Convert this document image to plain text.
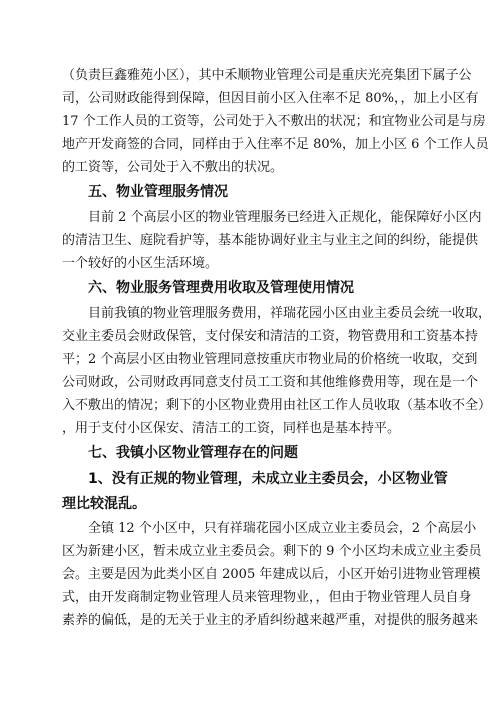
（负责巨鑫雅苑小区），其中禾顺物业管理公司是重庆光亮集团下属子公
司，公司财政能得到保障，但因目前小区入住率不足 80%，，加上小区有
17 个工作人员的工资等，公司处于入不敷出的状况；和宜物业公司是与房
地产开发商签的合同，同样由于入住率不足 80%，加上小区 6 个工作人员
的工资等，公司处于入不敷出的状况。
五、物业管理服务情况
目前 2 个高层小区的物业管理服务已经进入正规化，能保障好小区内
的清洁卫生、庭院看护等，基本能协调好业主与业主之间的纠纷，能提供
一个较好的小区生活环境。
六、物业服务管理费用收取及管理使用情况
目前我镇的物业管理服务费用，祥瑞花园小区由业主委员会统一收取，
交业主委员会财政保管，支付保安和清洁的工资，物管费用和工资基本持
平；2 个高层小区由物业管理同意按重庆市物业局的价格统一收取，交到
公司财政，公司财政再同意支付员工工资和其他维修费用等，现在是一个
入不敷出的情况；剩下的小区物业费用由社区工作人员收取（基本收不全）
，用于支付小区保安、清洁工的工资，同样也是基本持平。
七、我镇小区物业管理存在的问题
1、没有正规的物业管理，未成立业主委员会，小区物业管
理比较混乱。
全镇 12 个小区中，只有祥瑞花园小区成立业主委员会，2 个高层小
区为新建小区，暂未成立业主委员会。剩下的 9 个小区均未成立业主委员
会。主要是因为此类小区自 2005 年建成以后，小区开始引进物业管理模
式，由开发商制定物业管理人员来管理物业，，但由于物业管理人员自身
素养的偏低，是的无关于业主的矛盾纠纷越来越严重，对提供的服务越来
